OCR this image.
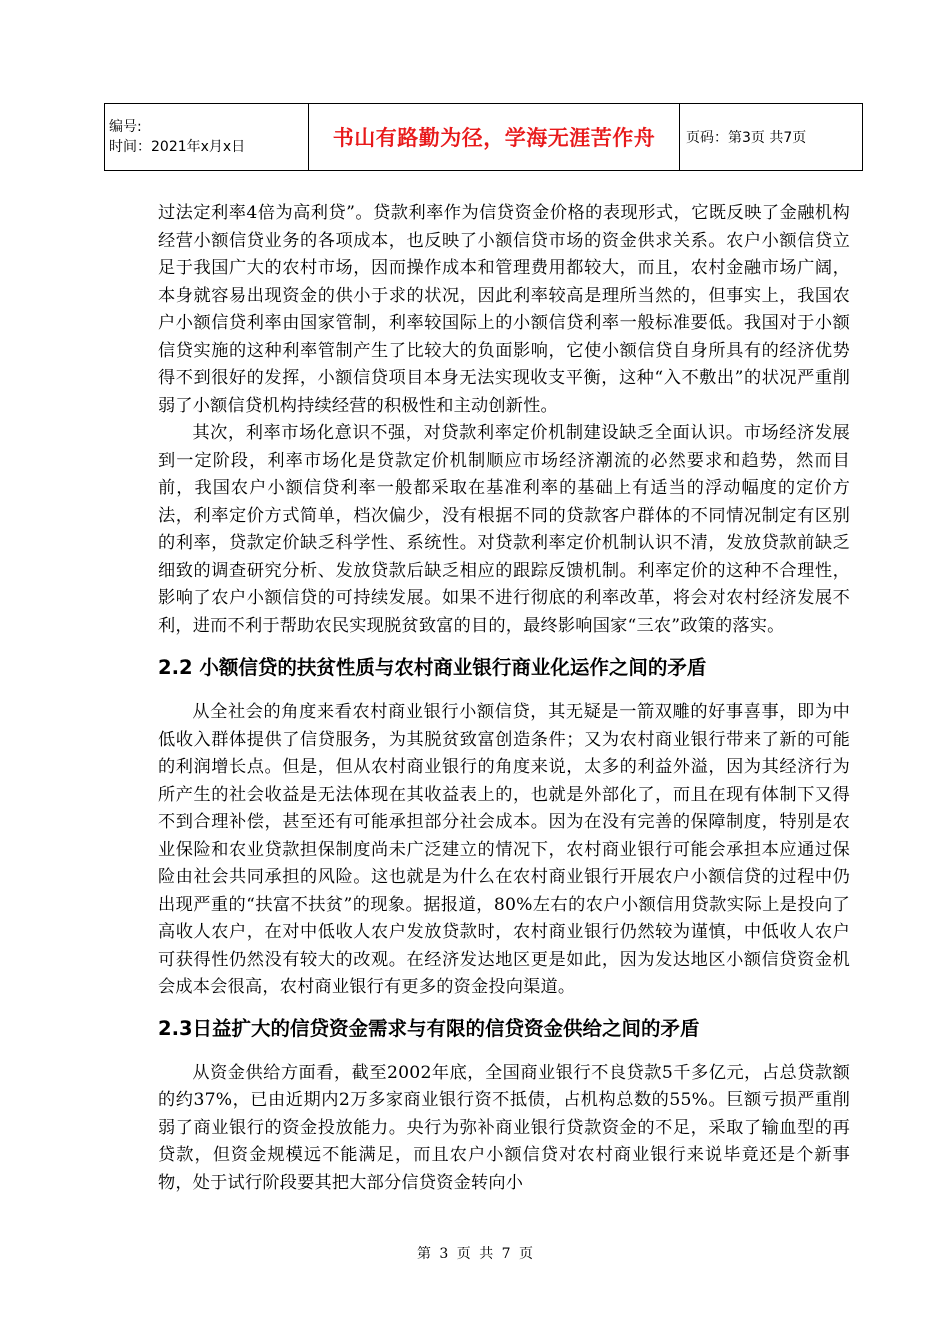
编号:
时间：2021年x月x日	书山有路勤为径，学海无涯苦作舟	页码：第3页 共7页

过法定利率4倍为高利贷”。贷款利率作为信贷资金价格的表现形式，它既反映了金融机构经营小额信贷业务的各项成本，也反映了小额信贷市场的资金供求关系。农户小额信贷立足于我国广大的农村市场，因而操作成本和管理费用都较大，而且，农村金融市场广阔，本身就容易出现资金的供小于求的状况，因此利率较高是理所当然的，但事实上，我国农户小额信贷利率由国家管制，利率较国际上的小额信贷利率一般标准要低。我国对于小额信贷实施的这种利率管制产生了比较大的负面影响，它使小额信贷自身所具有的经济优势得不到很好的发挥，小额信贷项目本身无法实现收支平衡，这种“入不敷出”的状况严重削弱了小额信贷机构持续经营的积极性和主动创新性。

其次，利率市场化意识不强，对贷款利率定价机制建设缺乏全面认识。市场经济发展到一定阶段，利率市场化是贷款定价机制顺应市场经济潮流的必然要求和趋势，然而目前，我国农户小额信贷利率一般都采取在基准利率的基础上有适当的浮动幅度的定价方法，利率定价方式简单，档次偏少，没有根据不同的贷款客户群体的不同情况制定有区别的利率，贷款定价缺乏科学性、系统性。对贷款利率定价机制认识不清，发放贷款前缺乏细致的调查研究分析、发放贷款后缺乏相应的跟踪反馈机制。利率定价的这种不合理性，影响了农户小额信贷的可持续发展。如果不进行彻底的利率改革，将会对农村经济发展不利，进而不利于帮助农民实现脱贫致富的目的，最终影响国家“三农”政策的落实。

2.2 小额信贷的扶贫性质与农村商业银行商业化运作之间的矛盾

从全社会的角度来看农村商业银行小额信贷，其无疑是一箭双雕的好事喜事，即为中低收入群体提供了信贷服务，为其脱贫致富创造条件；又为农村商业银行带来了新的可能的利润增长点。但是，但从农村商业银行的角度来说，太多的利益外溢，因为其经济行为所产生的社会收益是无法体现在其收益表上的，也就是外部化了，而且在现有体制下又得不到合理补偿，甚至还有可能承担部分社会成本。因为在没有完善的保障制度，特别是农业保险和农业贷款担保制度尚未广泛建立的情况下，农村商业银行可能会承担本应通过保险由社会共同承担的风险。这也就是为什么在农村商业银行开展农户小额信贷的过程中仍出现严重的“扶富不扶贫”的现象。据报道，80%左右的农户小额信用贷款实际上是投向了高收人农户，在对中低收人农户发放贷款时，农村商业银行仍然较为谨慎，中低收人农户可获得性仍然没有较大的改观。在经济发达地区更是如此，因为发达地区小额信贷资金机会成本会很高，农村商业银行有更多的资金投向渠道。

2.3日益扩大的信贷资金需求与有限的信贷资金供给之间的矛盾

从资金供给方面看，截至2002年底，全国商业银行不良贷款5千多亿元，占总贷款额的约37%，已由近期内2万多家商业银行资不抵债，占机构总数的55%。巨额亏损严重削弱了商业银行的资金投放能力。央行为弥补商业银行贷款资金的不足，采取了输血型的再贷款，但资金规模远不能满足，而且农户小额信贷对农村商业银行来说毕竟还是个新事物，处于试行阶段要其把大部分信贷资金转向小

第 3 页 共 7 页
